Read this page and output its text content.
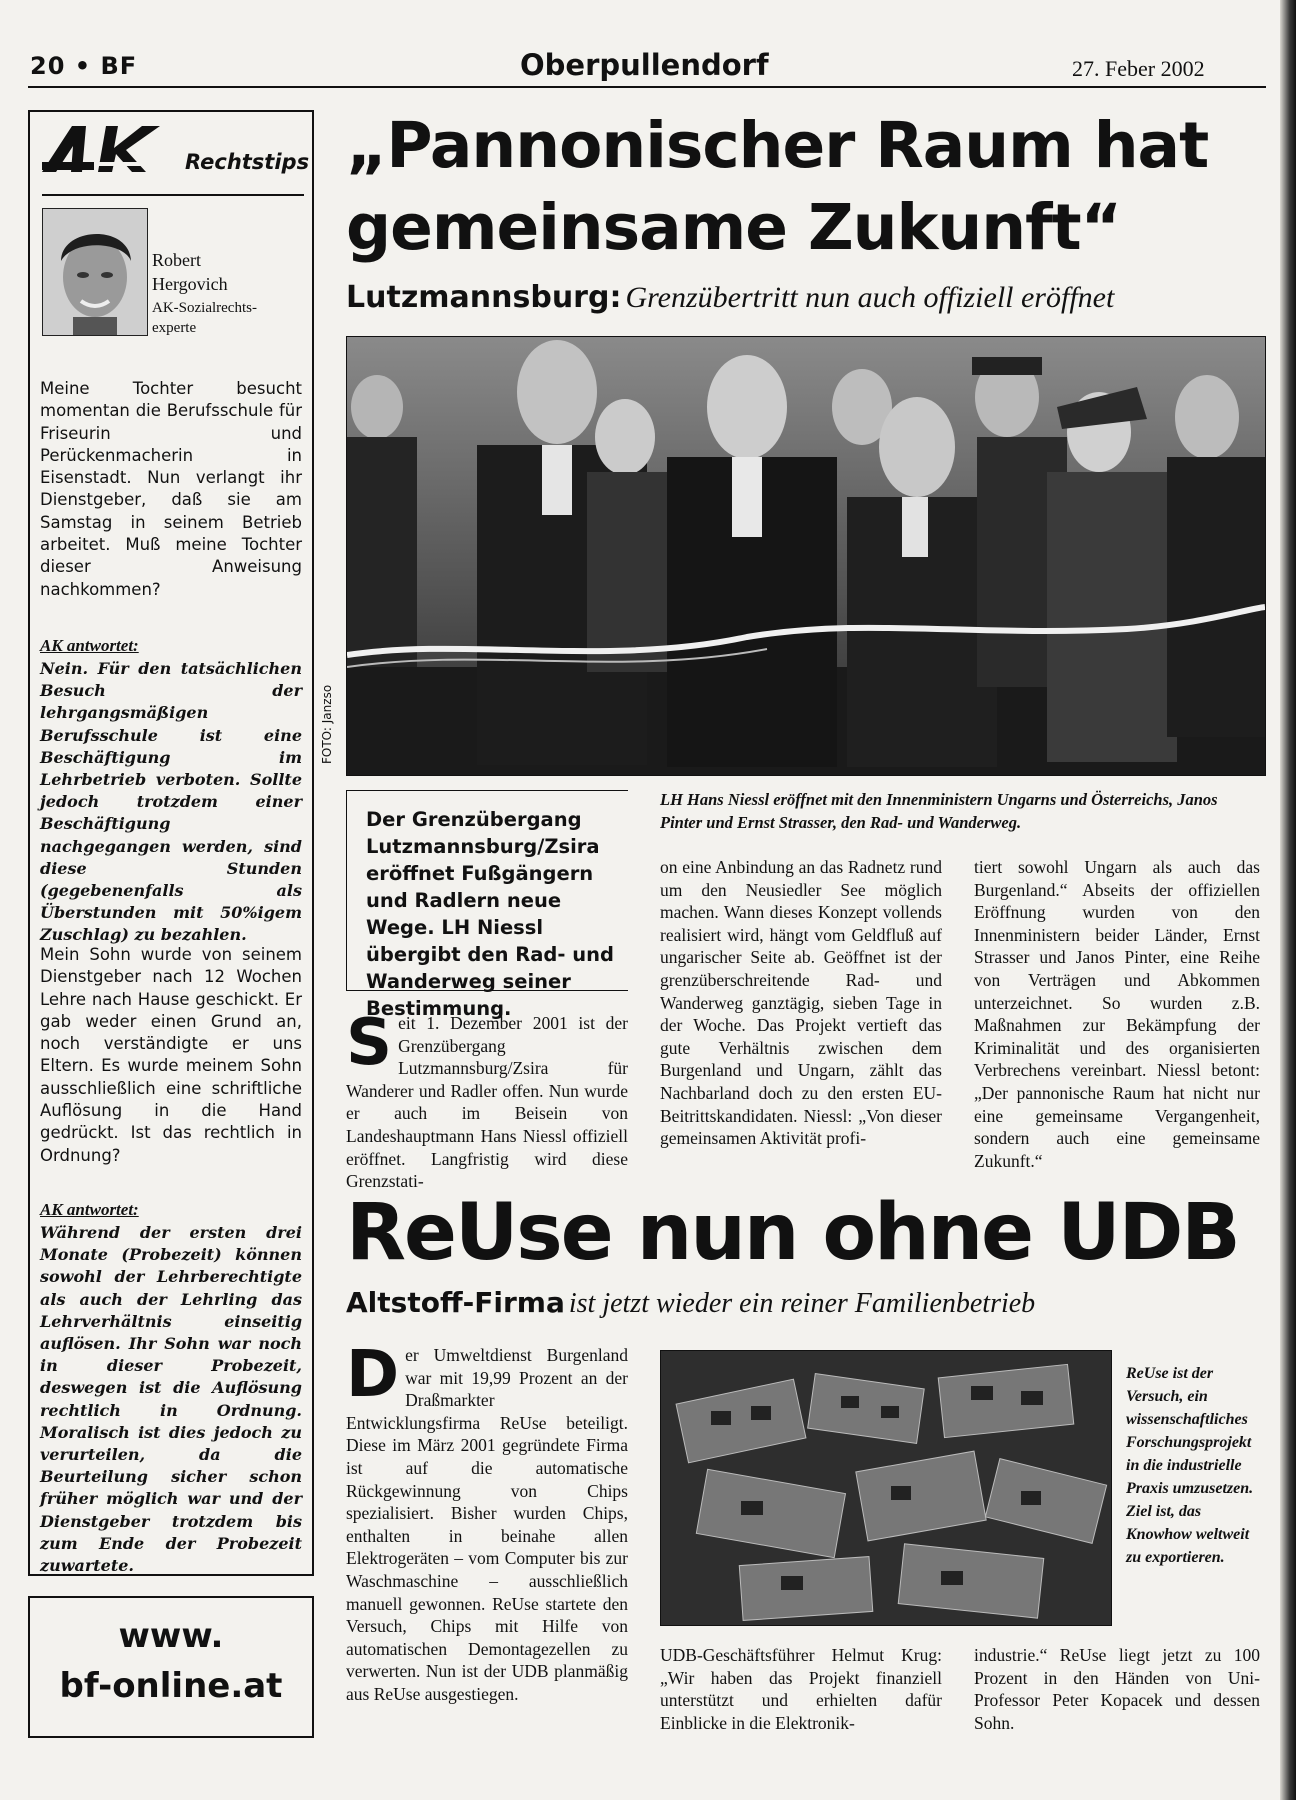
20 • BF	Oberpullendorf	27. Feber 2002
Rechtstips
Robert
Hergovich
AK-Sozialrechts-experte
Meine Tochter besucht momentan die Berufsschule für Friseurin und Perückenmacherin in Eisenstadt. Nun verlangt ihr Dienstgeber, daß sie am Samstag in seinem Betrieb arbeitet. Muß meine Tochter dieser Anweisung nachkommen?
AK antwortet:
Nein. Für den tatsächlichen Besuch der lehrgangsmäßigen Berufsschule ist eine Beschäftigung im Lehrbetrieb verboten. Sollte jedoch trotzdem einer Beschäftigung nachgegangen werden, sind diese Stunden (gegebenenfalls als Überstunden mit 50%igem Zuschlag) zu bezahlen.
Mein Sohn wurde von seinem Dienstgeber nach 12 Wochen Lehre nach Hause geschickt. Er gab weder einen Grund an, noch verständigte er uns Eltern. Es wurde meinem Sohn ausschließlich eine schriftliche Auflösung in die Hand gedrückt. Ist das rechtlich in Ordnung?
AK antwortet:
Während der ersten drei Monate (Probezeit) können sowohl der Lehrberechtigte als auch der Lehrling das Lehrverhältnis einseitig auflösen. Ihr Sohn war noch in dieser Probezeit, deswegen ist die Auflösung rechtlich in Ordnung. Moralisch ist dies jedoch zu verurteilen, da die Beurteilung sicher schon früher möglich war und der Dienstgeber trotzdem bis zum Ende der Probezeit zuwartete.
www.
bf-online.at
„Pannonischer Raum hat
gemeinsame Zukunft“
Lutzmannsburg: Grenzübertritt nun auch offiziell eröffnet
FOTO: Janzso
Der Grenzübergang Lutzmannsburg/Zsira eröffnet Fußgängern und Radlern neue Wege. LH Niessl übergibt den Rad- und Wanderweg seiner Bestimmung.
LH Hans Niessl eröffnet mit den Innenministern Ungarns und Österreichs, Janos Pinter und Ernst Strasser, den Rad- und Wanderweg.
Seit 1. Dezember 2001 ist der Grenzübergang Lutzmannsburg/Zsira für Wanderer und Radler offen. Nun wurde er auch im Beisein von Landeshauptmann Hans Niessl offiziell eröffnet. Langfristig wird diese Grenzstati-
on eine Anbindung an das Radnetz rund um den Neusiedler See möglich machen. Wann dieses Konzept vollends realisiert wird, hängt vom Geldfluß auf ungarischer Seite ab. Geöffnet ist der grenzüberschreitende Rad- und Wanderweg ganztägig, sieben Tage in der Woche. Das Projekt vertieft das gute Verhältnis zwischen dem Burgenland und Ungarn, zählt das Nachbarland doch zu den ersten EU-Beitrittskandidaten. Niessl: „Von dieser gemeinsamen Aktivität profi-
tiert sowohl Ungarn als auch das Burgenland.“ Abseits der offiziellen Eröffnung wurden von den Innenministern beider Länder, Ernst Strasser und Janos Pinter, eine Reihe von Verträgen und Abkommen unterzeichnet. So wurden z.B. Maßnahmen zur Bekämpfung der Kriminalität und des organisierten Verbrechens vereinbart. Niessl betont: „Der pannonische Raum hat nicht nur eine gemeinsame Vergangenheit, sondern auch eine gemeinsame Zukunft.“
ReUse nun ohne UDB
Altstoff-Firma ist jetzt wieder ein reiner Familienbetrieb
Der Umweltdienst Burgenland war mit 19,99 Prozent an der Draßmarkter Entwicklungsfirma ReUse beteiligt. Diese im März 2001 gegründete Firma ist auf die automatische Rückgewinnung von Chips spezialisiert. Bisher wurden Chips, enthalten in beinahe allen Elektrogeräten – vom Computer bis zur Waschmaschine – ausschließlich manuell gewonnen. ReUse startete den Versuch, Chips mit Hilfe von automatischen Demontagezellen zu verwerten. Nun ist der UDB planmäßig aus ReUse ausgestiegen.
ReUse ist der Versuch, ein wissenschaftliches Forschungsprojekt in die industrielle Praxis umzusetzen. Ziel ist, das Knowhow weltweit zu exportieren.
UDB-Geschäftsführer Helmut Krug: „Wir haben das Projekt finanziell unterstützt und erhielten dafür Einblicke in die Elektronik-
industrie.“ ReUse liegt jetzt zu 100 Prozent in den Händen von Uni-Professor Peter Kopacek und dessen Sohn.
